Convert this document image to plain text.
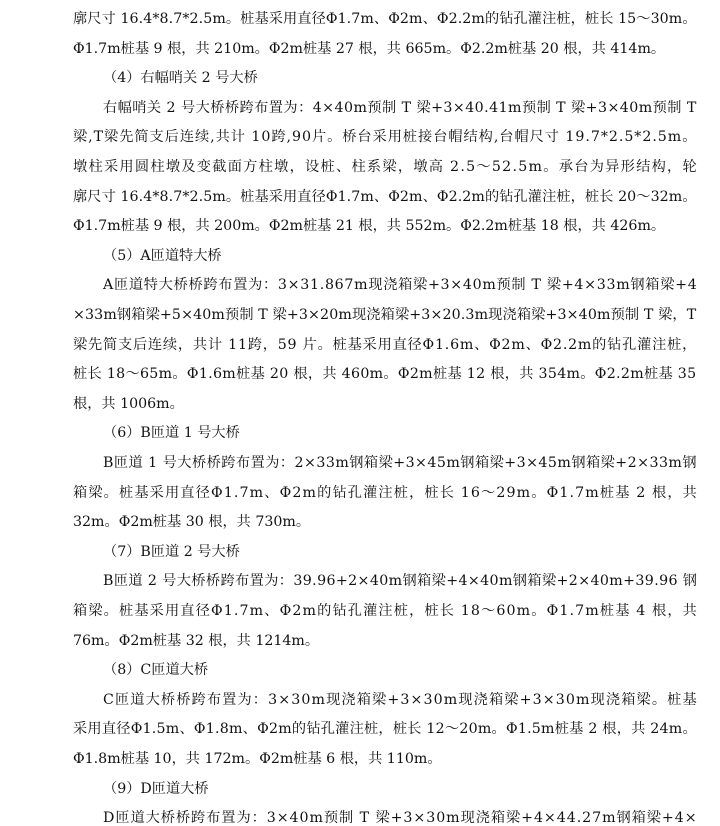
廓 尺 寸
1 6 . 4 * 8 . 7 * 2 . 5 m 。 桩 基 采 用 直 径 Φ 1 . 7 m 、 Φ 2 m 、 Φ 2 . 2 m 的 钻 孔 灌 注 桩 ， 桩 长
1 5 ～ 3 0 m 。
Φ1.7m桩基 9 根，共 210m。Φ2m桩基 27 根，共 665m。Φ2.2m桩基 20 根，共 414m。
（4）右幅哨关 2 号大桥
右 幅 哨 关
2
号 大 桥 桥 跨 布 置 为 ： 4 × 4 0 m 预 制
T
梁 + 3 × 4 0 . 4 1 m 预 制
T
梁 + 3 × 4 0 m 预 制
T
梁 , T 梁 先 简 支 后 连 续 , 共 计
1 0 跨 , 9 0 片 。 桥 台 采 用 桩 接 台 帽 结 构 , 台 帽 尺 寸
1 9 . 7 * 2 . 5 * 2 . 5 m 。
墩 柱 采 用 圆 柱 墩 及 变 截 面 方 柱 墩 ， 设 桩 、 柱 系 梁 ， 墩 高
2 . 5 ～ 5 2 . 5 m 。 承 台 为 异 形 结 构 ， 轮
廓 尺 寸
1 6 . 4 * 8 . 7 * 2 . 5 m 。 桩 基 采 用 直 径 Φ 1 . 7 m 、 Φ 2 m 、 Φ 2 . 2 m 的 钻 孔 灌 注 桩 ， 桩 长
2 0 ～ 3 2 m 。
Φ1.7m桩基 9 根，共 200m。Φ2m桩基 21 根，共 552m。Φ2.2m桩基 18 根，共 426m。
（5）A匝道特大桥
A 匝 道 特 大 桥 桥 跨 布 置 为 ： 3 × 3 1 . 8 6 7 m 现 浇 箱 梁 + 3 × 4 0 m 预 制
T
梁 + 4 × 3 3 m 钢 箱 梁 + 4
× 3 3 m 钢 箱 梁 + 5 × 4 0 m 预 制
T
梁 + 3 × 2 0 m 现 浇 箱 梁 + 3 × 2 0 . 3 m 现 浇 箱 梁 + 3 × 4 0 m 预 制
T
梁 ， T
梁 先 简 支 后 连 续 ， 共 计
1 1 跨 ， 5 9
片 。 桩 基 采 用 直 径 Φ 1 . 6 m 、 Φ 2 m 、 Φ 2 . 2 m 的 钻 孔 灌 注 桩 ，
桩 长
1 8 ～ 6 5 m 。 Φ 1 . 6 m 桩 基
2 0
根 ， 共
4 6 0 m 。 Φ 2 m 桩 基
1 2
根 ， 共
3 5 4 m 。 Φ 2 . 2 m 桩 基
3 5
根，共 1006m。
（6）B匝道 1 号大桥
B 匝 道
1
号 大 桥 桥 跨 布 置 为 ： 2 × 3 3 m 钢 箱 梁 + 3 × 4 5 m 钢 箱 梁 + 3 × 4 5 m 钢 箱 梁 + 2 × 3 3 m 钢
箱 梁 。 桩 基 采 用 直 径 Φ 1 . 7 m 、 Φ 2 m 的 钻 孔 灌 注 桩 ， 桩 长
1 6 ～ 2 9 m 。 Φ 1 . 7 m 桩 基
2
根 ， 共
32m。Φ2m桩基 30 根，共 730m。
（7）B匝道 2 号大桥
B 匝 道
2
号 大 桥 桥 跨 布 置 为 ： 3 9 . 9 6 + 2 × 4 0 m 钢 箱 梁 + 4 × 4 0 m 钢 箱 梁 + 2 × 4 0 m + 3 9 . 9 6
钢
箱 梁 。 桩 基 采 用 直 径 Φ 1 . 7 m 、 Φ 2 m 的 钻 孔 灌 注 桩 ， 桩 长
1 8 ～ 6 0 m 。 Φ 1 . 7 m 桩 基
4
根 ， 共
76m。Φ2m桩基 32 根，共 1214m。
（8）C匝道大桥
C 匝 道 大 桥 桥 跨 布 置 为 ： 3 × 3 0 m 现 浇 箱 梁 + 3 × 3 0 m 现 浇 箱 梁 + 3 × 3 0 m 现 浇 箱 梁 。 桩 基
采 用 直 径 Φ 1 . 5 m 、 Φ 1 . 8 m 、 Φ 2 m 的 钻 孔 灌 注 桩 ， 桩 长
1 2 ～ 2 0 m 。 Φ 1 . 5 m 桩 基
2
根 ， 共
2 4 m 。
Φ1.8m桩基 10，共 172m。Φ2m桩基 6 根，共 110m。
（9）D匝道大桥
D 匝 道 大 桥 桥 跨 布 置 为 ： 3 × 4 0 m 预 制
T
梁 + 3 × 3 0 m 现 浇 箱 梁 + 4 × 4 4 . 2 7 m 钢 箱 梁 + 4 ×
